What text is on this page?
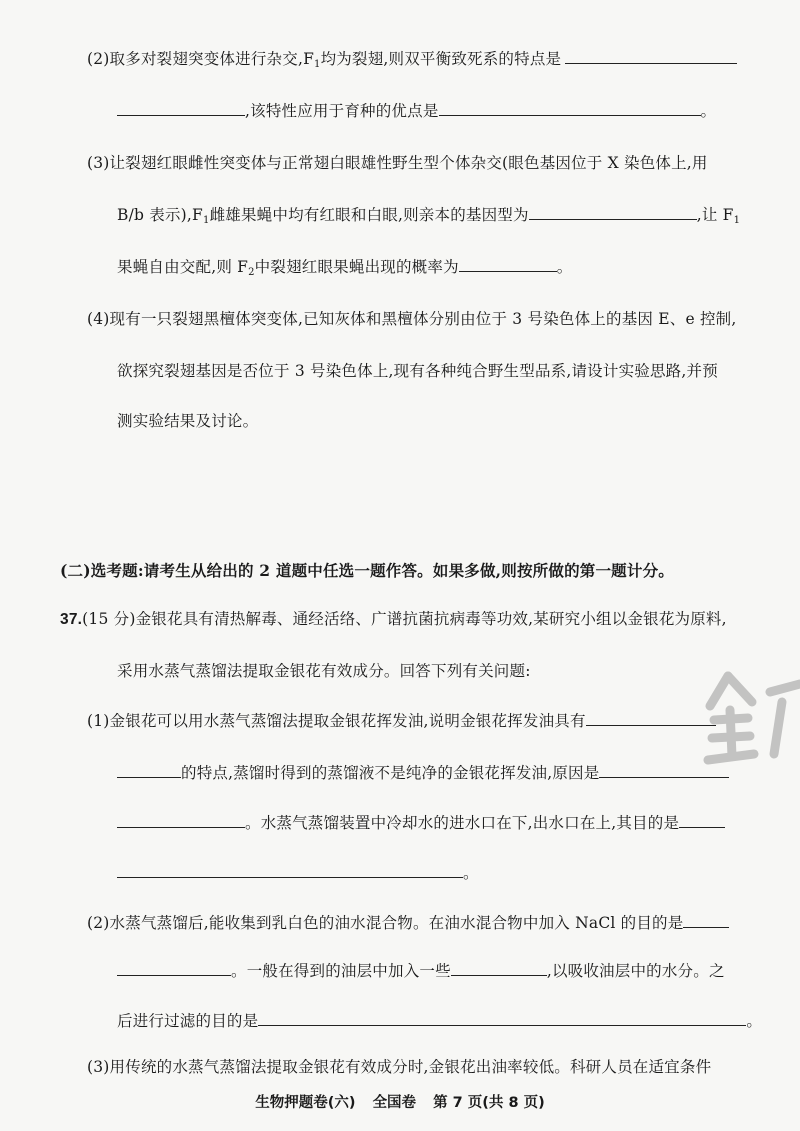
(2)取多对裂翅突变体进行杂交$,F_1$均为裂翅,则双平衡致死系的特点是
,该特性应用于育种的优点是	。
(3)让裂翅红眼雌性突变体与正常翅白眼雄性野生型个体杂交(眼色基因位于 X 染色体上,用
B/b 表示)$,F_1$雌雄果蝇中均有红眼和白眼,则亲本的基因型为	,让 $F_1$
果蝇自由交配,则 $F_2$中裂翅红眼果蝇出现的概率为	。
(4)现有一只裂翅黑檀体突变体,已知灰体和黑檀体分别由位于 3 号染色体上的基因 E、e 控制,
欲探究裂翅基因是否位于 3 号染色体上,现有各种纯合野生型品系,请设计实验思路,并预
测实验结果及讨论。
(二)选考题:请考生从给出的 2 道题中任选一题作答。如果多做,则按所做的第一题计分。
37.(15 分)金银花具有清热解毒、通经活络、广谱抗菌抗病毒等功效,某研究小组以金银花为原料,
采用水蒸气蒸馏法提取金银花有效成分。回答下列有关问题:
(1)金银花可以用水蒸气蒸馏法提取金银花挥发油,说明金银花挥发油具有
的特点,蒸馏时得到的蒸馏液不是纯净的金银花挥发油,原因是
。水蒸气蒸馏装置中冷却水的进水口在下,出水口在上,其目的是
。
(2)水蒸气蒸馏后,能收集到乳白色的油水混合物。在油水混合物中加入 NaCl 的目的是
。一般在得到的油层中加入一些	,以吸收油层中的水分。之
后进行过滤的目的是	。
(3)用传统的水蒸气蒸馏法提取金银花有效成分时,金银花出油率较低。科研人员在适宜条件
生物押题卷(六) 全国卷 第 7 页(共 8 页)
